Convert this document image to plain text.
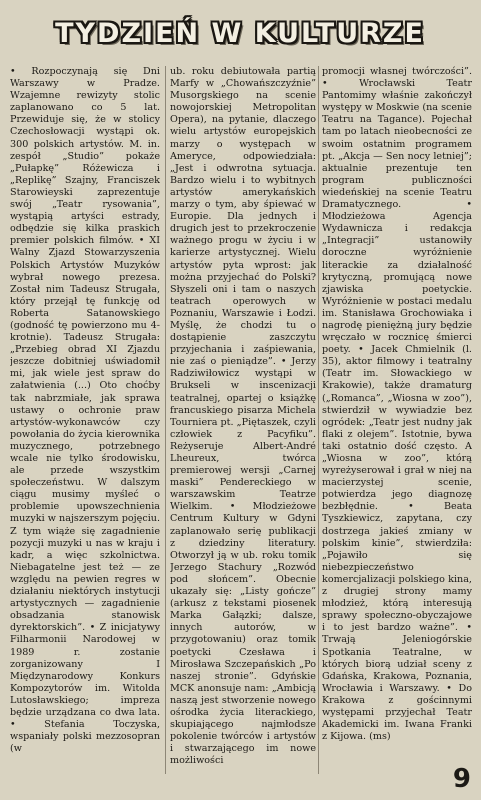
TYDZIEŃ W KULTURZE

• Rozpoczynają się Dni Warszawy w Pradze. Wzajemne rewizyty stolic zaplanowano co 5 lat. Przewiduje się, że w stolicy Czechosłowacji wystąpi ok. 300 polskich artystów. M. in. zespół „Studio” pokaże „Pułapkę” Różewicza i „Replikę” Szajny, Franciszek Starowieyski zaprezentuje swój „Teatr rysowania”, wystąpią artyści estrady, odbędzie się kilka praskich premier polskich filmów. • XI Walny Zjazd Stowarzyszenia Polskich Artystów Muzyków wybrał nowego prezesa. Został nim Tadeusz Strugała, który przejął tę funkcję od Roberta Satanowskiego (godność tę powierzono mu 4-krotnie). Tadeusz Strugała: „Przebieg obrad XI Zjazdu jeszcze dobitniej uświadomił mi, jak wiele jest spraw do załatwienia (...) Oto choćby tak nabrzmiałe, jak sprawa ustawy o ochronie praw artystów-wykonawców czy powołania do życia kierownika muzycznego, potrzebnego wcale nie tylko środowisku, ale przede wszystkim społeczeństwu. W dalszym ciągu musimy myśleć o problemie upowszechnienia muzyki w najszerszym pojęciu. Z tym wiąże się zagadnienie pozycji muzyki u nas w kraju i kadr, a więc szkolnictwa. Niebagatelne jest też — ze względu na pewien regres w działaniu niektórych instytucji artystycznych — zagadnienie obsadzania stanowisk dyrektorskich”. • Z inicjatywy Filharmonii Narodowej w 1989 r. zostanie zorganizowany I Międzynarodowy Konkurs Kompozytorów im. Witolda Lutosławskiego; impreza będzie urządzana co dwa lata. • Stefania Toczyska, wspaniały polski mezzosopran (w

ub. roku debiutowała partią Marfy w „Chowańszczyźnie” Musorgskiego na scenie nowojorskiej Metropolitan Opera), na pytanie, dlaczego wielu artystów europejskich marzy o występach w Ameryce, odpowiedziała: „Jest i odwrotna sytuacja. Bardzo wielu i to wybitnych artystów amerykańskich marzy o tym, aby śpiewać w Europie. Dla jednych i drugich jest to przekroczenie ważnego progu w życiu i w karierze artystycznej. Wielu artystów pyta wprost: jak można przyjechać do Polski? Słyszeli oni i tam o naszych teatrach operowych w Poznaniu, Warszawie i Łodzi. Myślę, że chodzi tu o dostąpienie zaszczytu przyjechania i zaśpiewania, nie zaś o pieniądze”. • Jerzy Radziwiłowicz wystąpi w Brukseli w inscenizacji teatralnej, opartej o książkę francuskiego pisarza Michela Tourniera pt. „Piętaszek, czyli człowiek z Pacyfiku”. Reżyseruje Albert-André Lheureux, twórca premierowej wersji „Carnej maski” Pendereckiego w warszawskim Teatrze Wielkim. • Młodzieżowe Centrum Kultury w Gdyni zaplanowało serię publikacji z dziedziny literatury. Otworzył ją w ub. roku tomik Jerzego Stachury „Rozwód pod słońcem”. Obecnie ukazały się: „Listy gończe” (arkusz z tekstami piosenek Marka Gałązki; dalsze, innych autorów, w przygotowaniu) oraz tomik poetycki Czesława i Mirosława Szczepańskich „Po naszej stronie”. Gdyńskie MCK anonsuje nam: „Ambicją naszą jest stworzenie nowego ośrodka życia literackiego, skupiającego najmłodsze pokolenie twórców i artystów i stwarzającego im nowe możliwości

promocji własnej twórczości”. • Wrocławski Teatr Pantomimy właśnie zakończył występy w Moskwie (na scenie Teatru na Tagance). Pojechał tam po latach nieobecności ze swoim ostatnim programem pt. „Akcja — Sen nocy letniej”; aktualnie prezentuje ten program publiczności wiedeńskiej na scenie Teatru Dramatycznego. • Młodzieżowa Agencja Wydawnicza i redakcja „Integracji” ustanowiły doroczne wyróżnienie literackie za działalność krytyczną, promującą nowe zjawiska poetyckie. Wyróżnienie w postaci medalu im. Stanisława Grochowiaka i nagrodę pieniężną jury będzie wręczało w rocznicę śmierci poety. • Jacek Chmielnik (l. 35), aktor filmowy i teatralny (Teatr im. Słowackiego w Krakowie), także dramaturg („Romanca”, „Wiosna w zoo”), stwierdził w wywiadzie bez ogródek: „Teatr jest nudny jak flaki z olejem”. Istotnie, bywa taki ostatnio dość często. A „Wiosna w zoo”, którą wyreżyserował i grał w niej na macierzystej scenie, potwierdza jego diagnozę bezbłędnie. • Beata Tyszkiewicz, zapytana, czy dostrzega jakieś zmiany w polskim kinie”, stwierdziła: „Pojawiło się niebezpieczeństwo komercjalizacji polskiego kina, z drugiej strony mamy młodzież, którą interesują sprawy społeczno-obyczajowe i to jest bardzo ważne”. • Trwają Jeleniogórskie Spotkania Teatralne, w których biorą udział sceny z Gdańska, Krakowa, Poznania, Wrocławia i Warszawy. • Do Krakowa z gościnnymi występami przyjechał Teatr Akademicki im. Iwana Franki z Kijowa. (ms)

9
